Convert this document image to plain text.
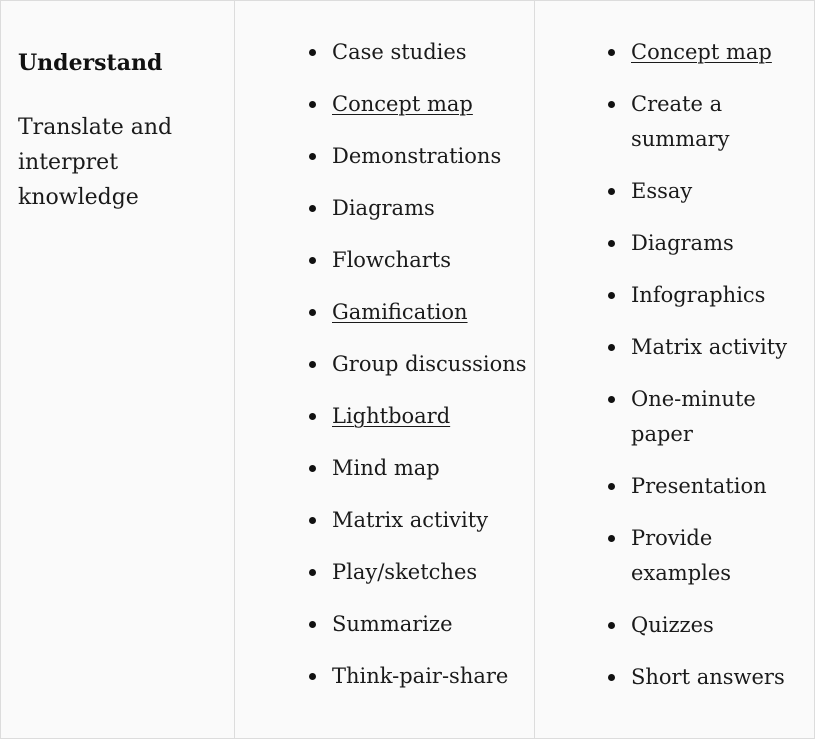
Understand

Translate and interpret knowledge

Case studies
Concept map
Demonstrations
Diagrams
Flowcharts
Gamification
Group discussions
Lightboard
Mind map
Matrix activity
Play/sketches
Summarize
Think-pair-share
Concept map
Create a summary
Essay
Diagrams
Infographics
Matrix activity
One-minute paper
Presentation
Provide examples
Quizzes
Short answers
